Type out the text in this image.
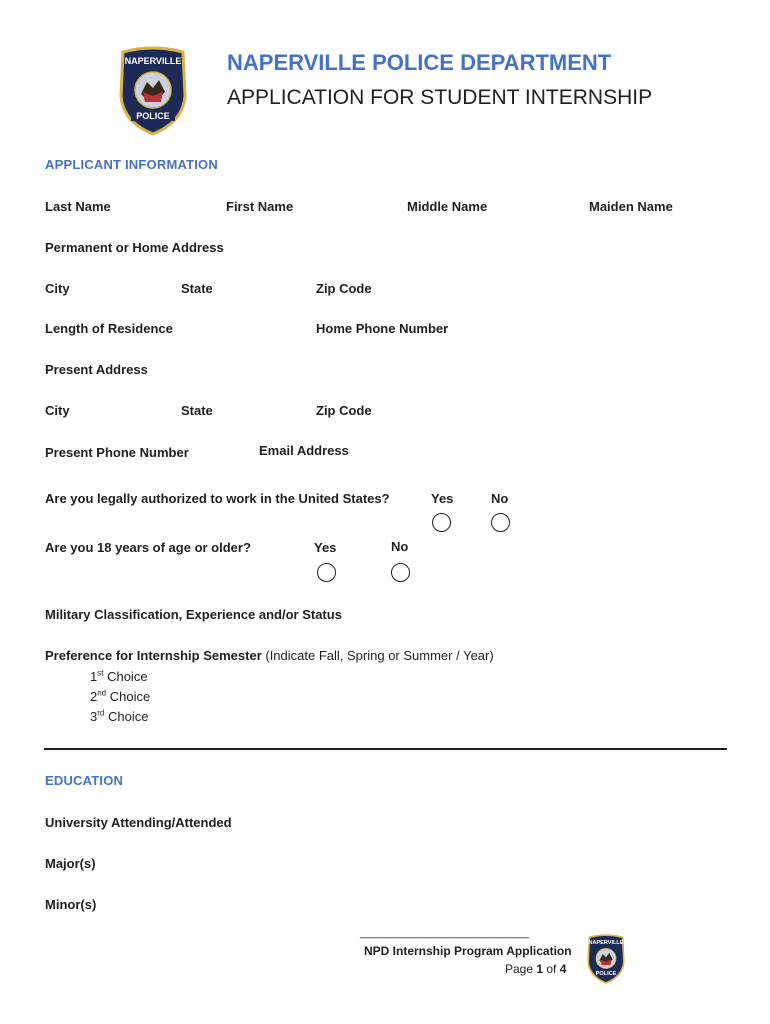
NAPERVILLE
POLICE
NAPERVILLE POLICE DEPARTMENT
APPLICATION FOR STUDENT INTERNSHIP
APPLICANT INFORMATION
Last Name	First Name	Middle Name	Maiden Name
Permanent or Home Address
City	State	Zip Code
Length of Residence	Home Phone Number
Present Address
City	State	Zip Code
Present Phone Number	Email Address
Are you legally authorized to work in the United States?	Yes	No
Are you 18 years of age or older?	Yes	No
Military Classification, Experience and/or Status
Preference for Internship Semester (Indicate Fall, Spring or Summer / Year)
1st Choice
2nd Choice
3rd Choice
EDUCATION
University Attending/Attended
Major(s)
Minor(s)
______________________________
NPD Internship Program Application
Page 1 of 4
NAPERVILLE
POLICE
